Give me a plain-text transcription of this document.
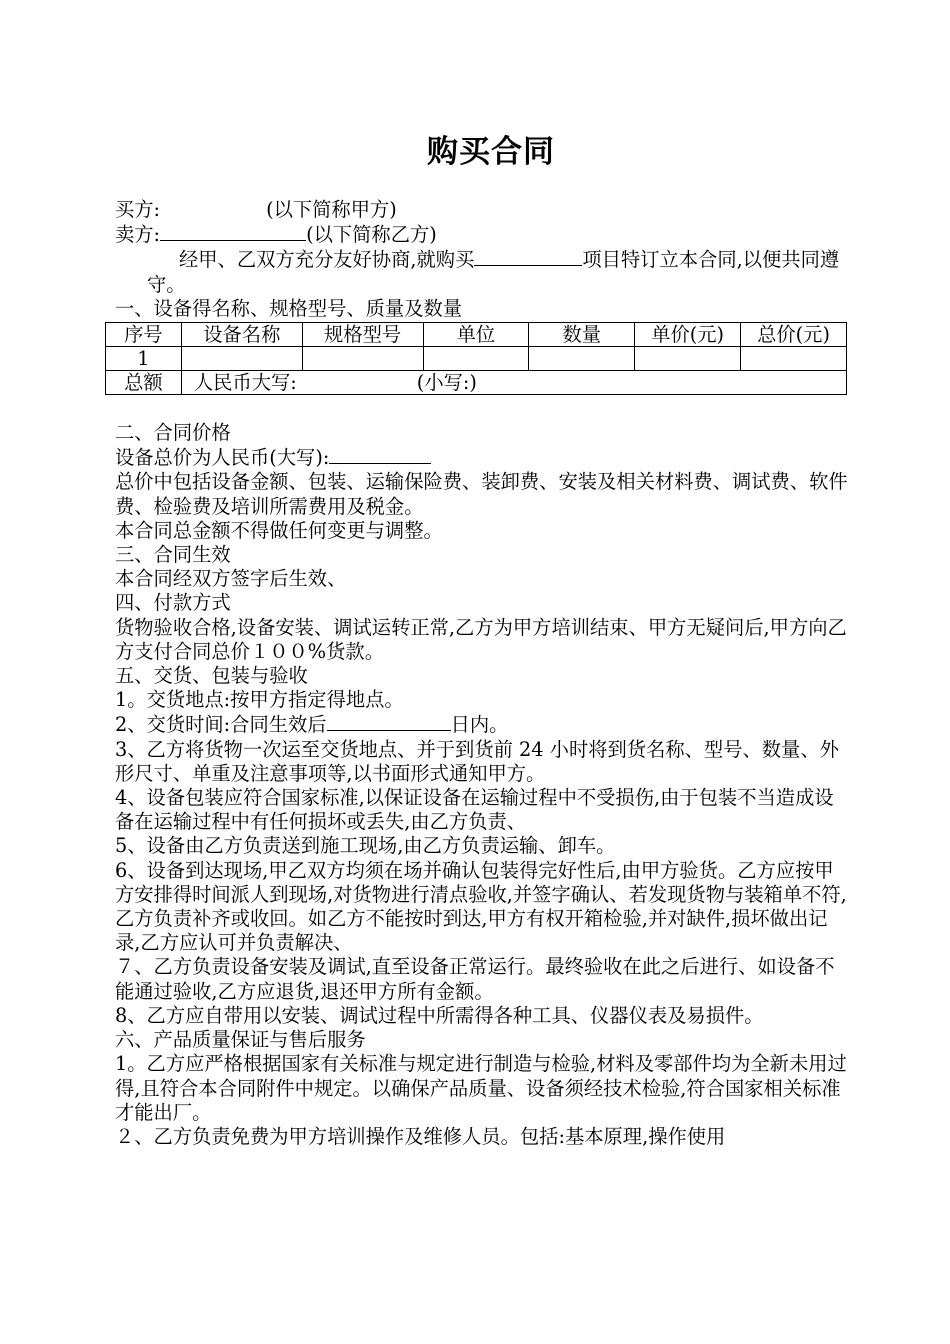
购买合同

买方:	(以下简称甲方)

卖方:	(以下简称乙方)

经甲、乙双方充分友好协商,就购买	项目特订立本合同,以便共同遵守。

一、设备得名称、规格型号、质量及数量

序号	设备名称	规格型号	单位	数量	单价(元)	总价(元)
1						
总额	人民币大写: (小写:)					

二、合同价格

设备总价为人民币(大写):

总价中包括设备金额、包装、运输保险费、装卸费、安装及相关材料费、调试费、软件费、检验费及培训所需费用及税金。

本合同总金额不得做任何变更与调整。

三、合同生效

本合同经双方签字后生效、

四、付款方式

货物验收合格,设备安装、调试运转正常,乙方为甲方培训结束、甲方无疑问后,甲方向乙方支付合同总价１００%货款。

五、交货、包装与验收

1。交货地点:按甲方指定得地点。

2、交货时间:合同生效后	日内。

3、乙方将货物一次运至交货地点、并于到货前 24 小时将到货名称、型号、数量、外形尺寸、单重及注意事项等,以书面形式通知甲方。

4、设备包装应符合国家标准,以保证设备在运输过程中不受损伤,由于包装不当造成设备在运输过程中有任何损坏或丢失,由乙方负责、

5、设备由乙方负责送到施工现场,由乙方负责运输、卸车。

6、设备到达现场,甲乙双方均须在场并确认包装得完好性后,由甲方验货。乙方应按甲方安排得时间派人到现场,对货物进行清点验收,并签字确认、若发现货物与装箱单不符,乙方负责补齐或收回。如乙方不能按时到达,甲方有权开箱检验,并对缺件,损坏做出记录,乙方应认可并负责解决、

７、乙方负责设备安装及调试,直至设备正常运行。最终验收在此之后进行、如设备不能通过验收,乙方应退货,退还甲方所有金额。

8、乙方应自带用以安装、调试过程中所需得各种工具、仪器仪表及易损件。

六、产品质量保证与售后服务

1。乙方应严格根据国家有关标准与规定进行制造与检验,材料及零部件均为全新未用过得,且符合本合同附件中规定。以确保产品质量、设备须经技术检验,符合国家相关标准才能出厂。

２、乙方负责免费为甲方培训操作及维修人员。包括:基本原理,操作使用
